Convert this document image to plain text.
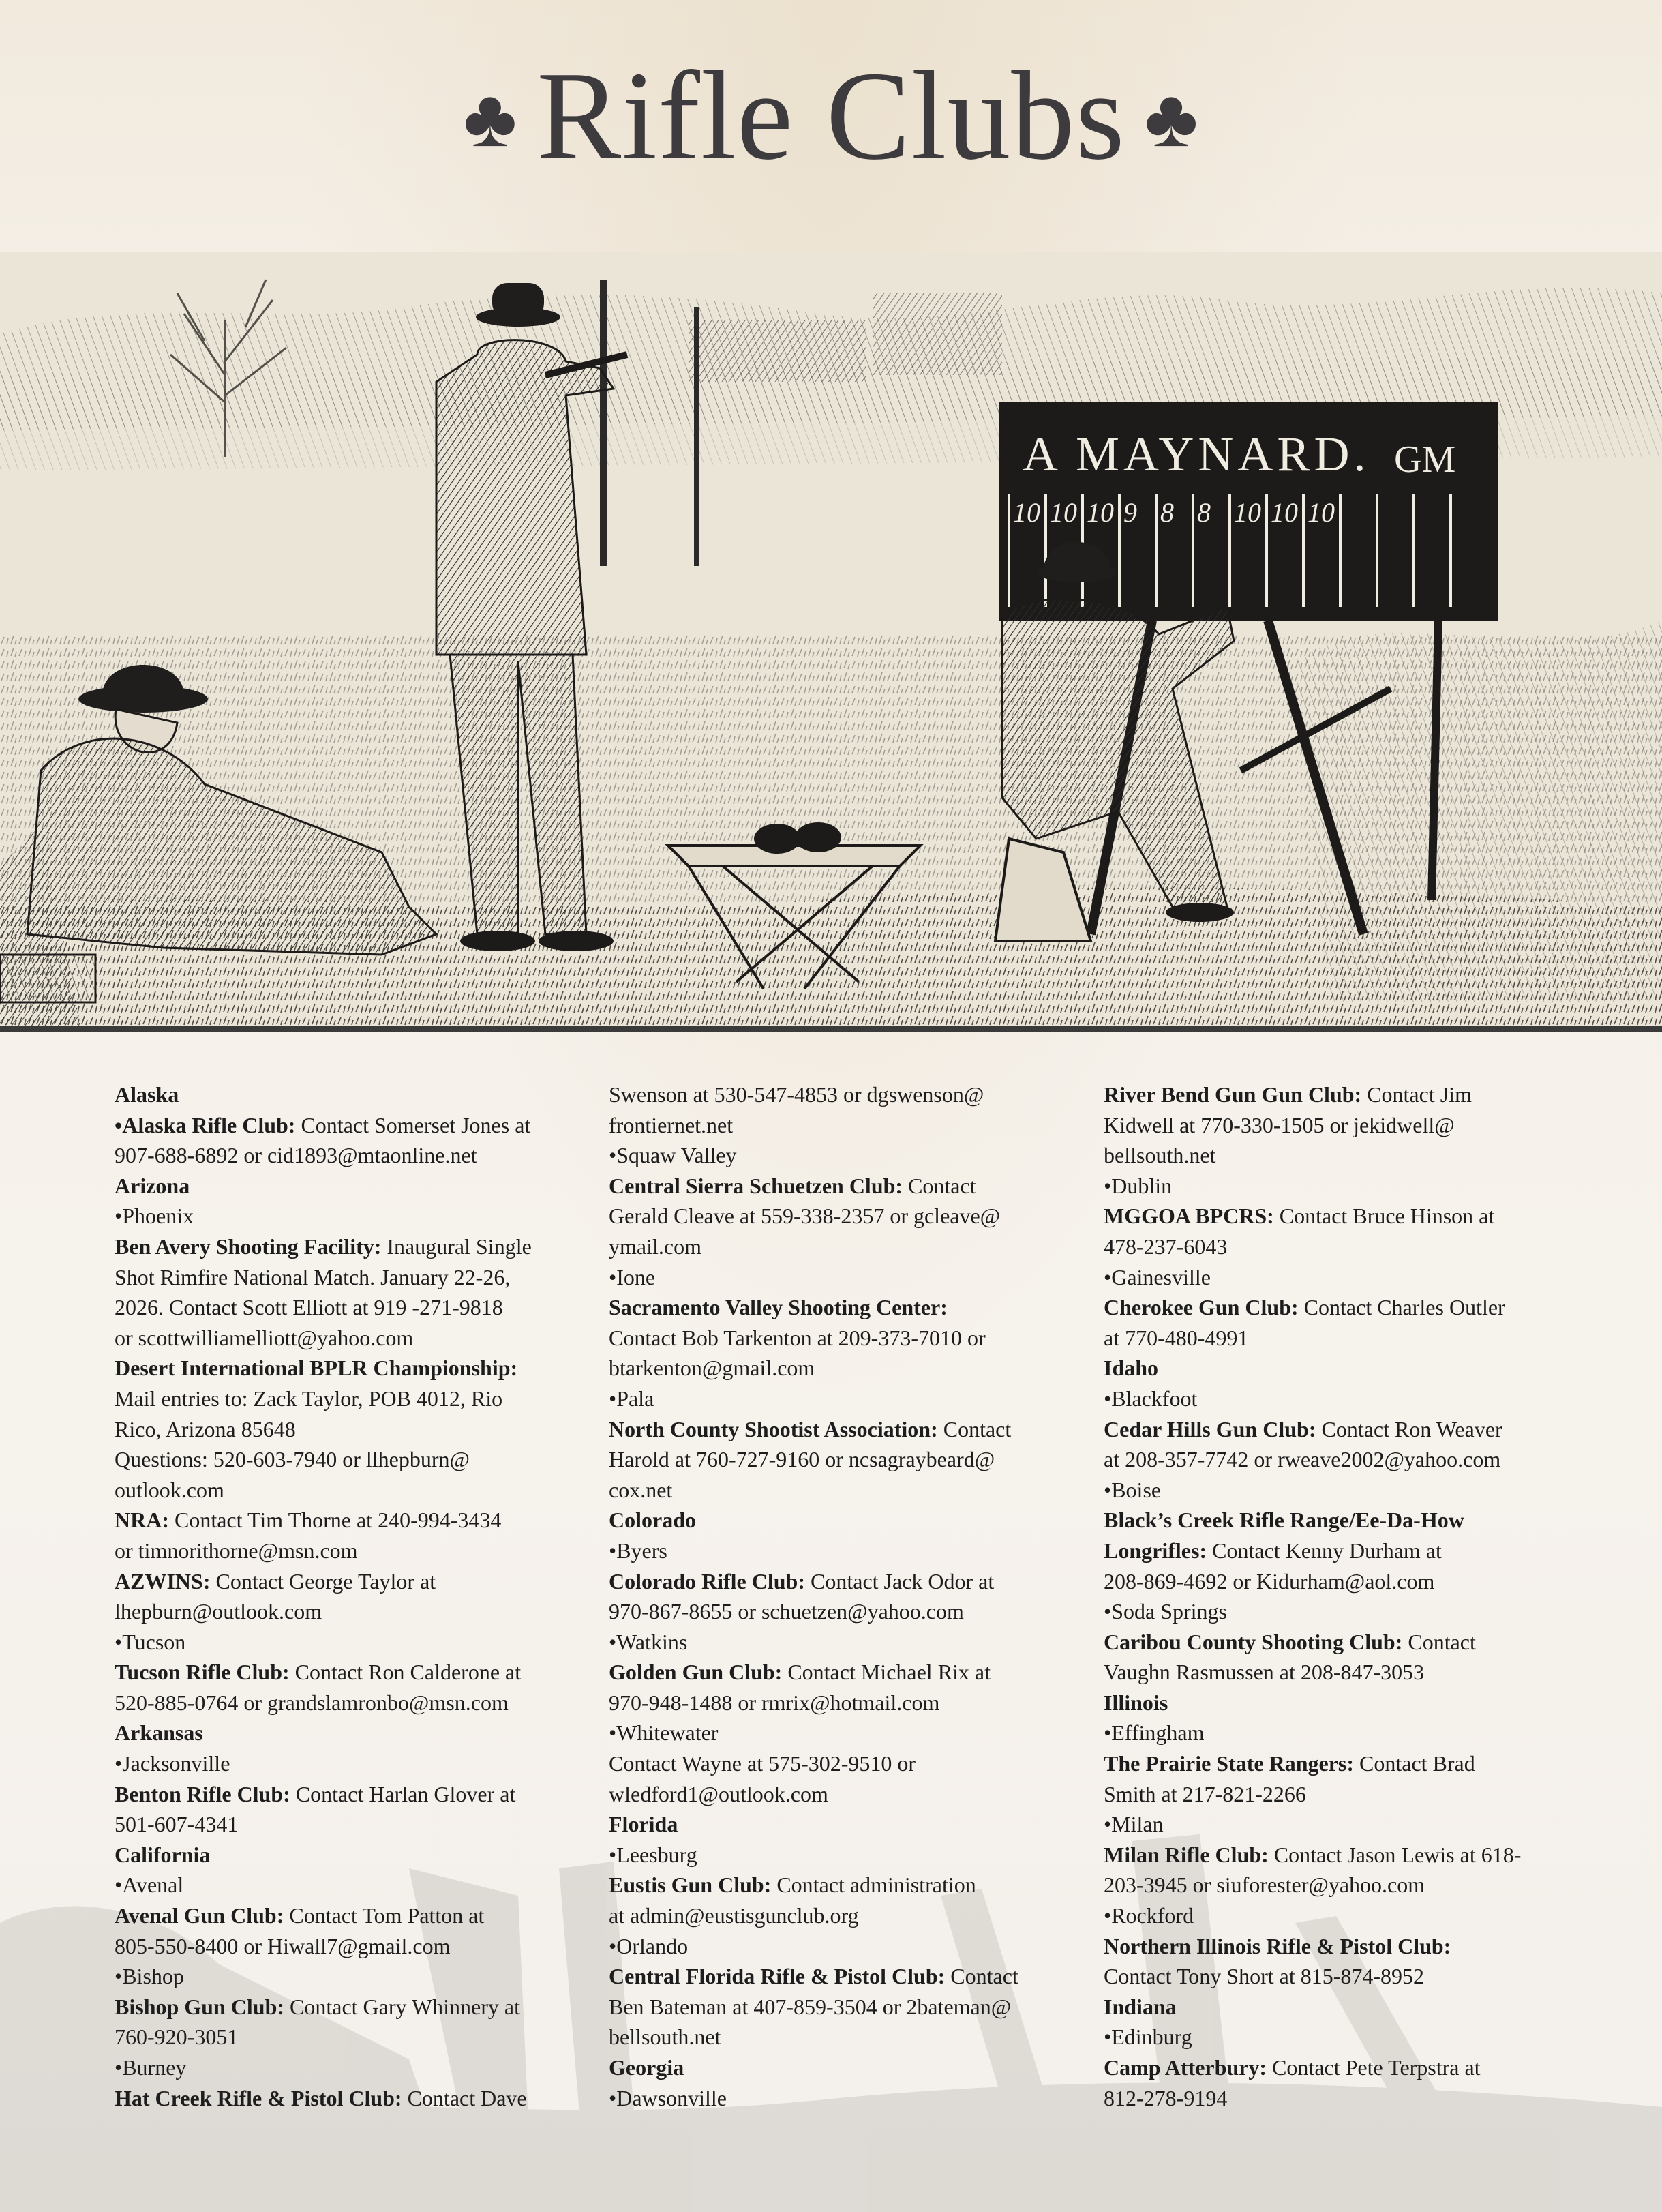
♣ Rifle Clubs ♣
A MAYNARD. GM
10 10 10 9 8 8 10 10 10
Alaska
•Alaska Rifle Club: Contact Somerset Jones at
907-688-6892 or cid1893@mtaonline.net
Arizona
•Phoenix
Ben Avery Shooting Facility: Inaugural Single
Shot Rimfire National Match. January 22-26,
2026. Contact Scott Elliott at 919 -271-9818
or scottwilliamelliott@yahoo.com
Desert International BPLR Championship:
Mail entries to: Zack Taylor, POB 4012, Rio
Rico, Arizona 85648
Questions: 520-603-7940 or llhepburn@
outlook.com
NRA: Contact Tim Thorne at 240-994-3434
or timnorithorne@msn.com
AZWINS: Contact George Taylor at
lhepburn@outlook.com
•Tucson
Tucson Rifle Club: Contact Ron Calderone at
520-885-0764 or grandslamronbo@msn.com
Arkansas
•Jacksonville
Benton Rifle Club: Contact Harlan Glover at
501-607-4341
California
•Avenal
Avenal Gun Club: Contact Tom Patton at
805-550-8400 or Hiwall7@gmail.com
•Bishop
Bishop Gun Club: Contact Gary Whinnery at
760-920-3051
•Burney
Hat Creek Rifle & Pistol Club: Contact Dave
Swenson at 530-547-4853 or dgswenson@
frontiernet.net
•Squaw Valley
Central Sierra Schuetzen Club: Contact
Gerald Cleave at 559-338-2357 or gcleave@
ymail.com
•Ione
Sacramento Valley Shooting Center:
Contact Bob Tarkenton at 209-373-7010 or
btarkenton@gmail.com
•Pala
North County Shootist Association: Contact
Harold at 760-727-9160 or ncsagraybeard@
cox.net
Colorado
•Byers
Colorado Rifle Club: Contact Jack Odor at
970-867-8655 or schuetzen@yahoo.com
•Watkins
Golden Gun Club: Contact Michael Rix at
970-948-1488 or rmrix@hotmail.com
•Whitewater
Contact Wayne at 575-302-9510 or
wledford1@outlook.com
Florida
•Leesburg
Eustis Gun Club: Contact administration
at admin@eustisgunclub.org
•Orlando
Central Florida Rifle & Pistol Club: Contact
Ben Bateman at 407-859-3504 or 2bateman@
bellsouth.net
Georgia
•Dawsonville
River Bend Gun Gun Club: Contact Jim
Kidwell at 770-330-1505 or jekidwell@
bellsouth.net
•Dublin
MGGOA BPCRS: Contact Bruce Hinson at
478-237-6043
•Gainesville
Cherokee Gun Club: Contact Charles Outler
at 770-480-4991
Idaho
•Blackfoot
Cedar Hills Gun Club: Contact Ron Weaver
at 208-357-7742 or rweave2002@yahoo.com
•Boise
Black’s Creek Rifle Range/Ee-Da-How
Longrifles: Contact Kenny Durham at
208-869-4692 or Kidurham@aol.com
•Soda Springs
Caribou County Shooting Club: Contact
Vaughn Rasmussen at 208-847-3053
Illinois
•Effingham
The Prairie State Rangers: Contact Brad
Smith at 217-821-2266
•Milan
Milan Rifle Club: Contact Jason Lewis at 618-
203-3945 or siuforester@yahoo.com
•Rockford
Northern Illinois Rifle & Pistol Club:
Contact Tony Short at 815-874-8952
Indiana
•Edinburg
Camp Atterbury: Contact Pete Terpstra at
812-278-9194
